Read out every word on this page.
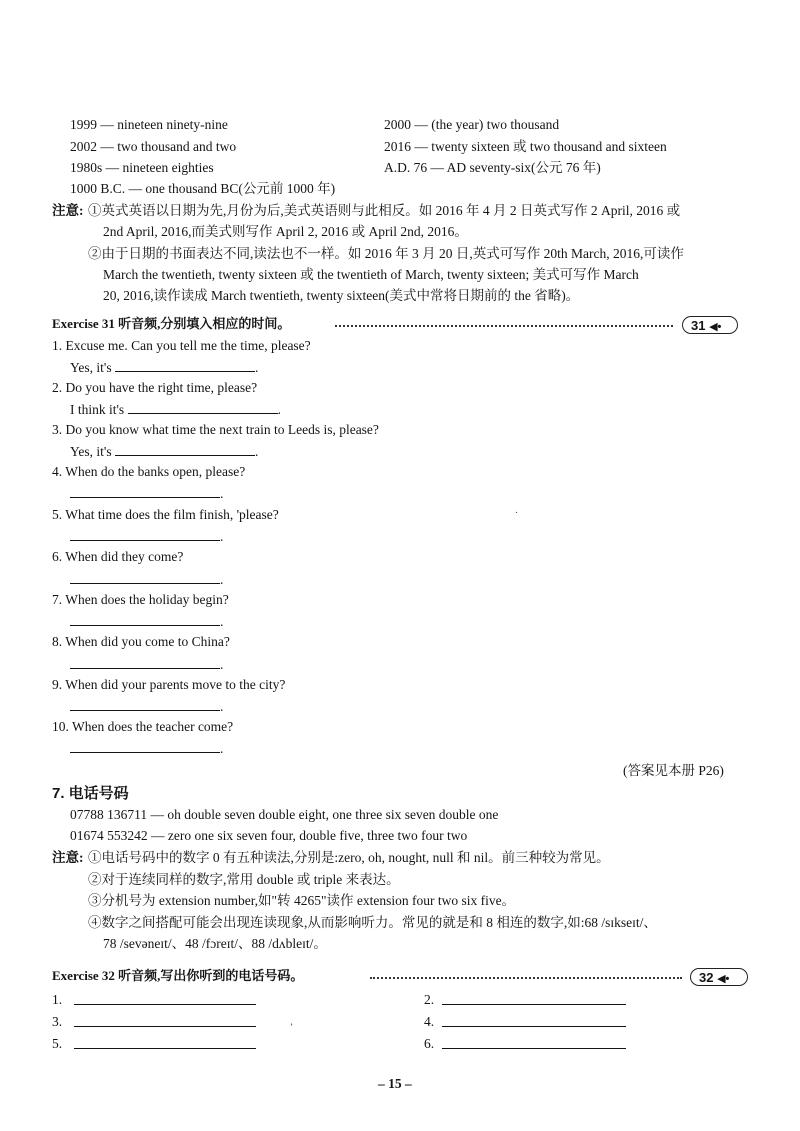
1999 — nineteen ninety-nine	2000 — (the year) two thousand
2002 — two thousand and two	2016 — twenty sixteen 或 two thousand and sixteen
1980s — nineteen eighties	A.D. 76 — AD seventy-six(公元 76 年)
1000 B.C. — one thousand BC(公元前 1000 年)
注意: ①英式英语以日期为先,月份为后,美式英语则与此相反。如 2016 年 4 月 2 日英式写作 2 April, 2016 或
2nd April, 2016,而美式则写作 April 2, 2016 或 April 2nd, 2016。
②由于日期的书面表达不同,读法也不一样。如 2016 年 3 月 20 日,英式可写作 20th March, 2016,可读作
March the twentieth, twenty sixteen 或 the twentieth of March, twenty sixteen; 美式可写作 March
20, 2016,读作读成 March twentieth, twenty sixteen(美式中常将日期前的 the 省略)。
Exercise 31 听音频,分别填入相应的时间。	31 ◀•
1. Excuse me. Can you tell me the time, please?
Yes, it's	.
2. Do you have the right time, please?
I think it's	.
3. Do you know what time the next train to Leeds is, please?
Yes, it's	.
4. When do the banks open, please?
.
5. What time does the film finish, 'please?
.
6. When did they come?
.
7. When does the holiday begin?
.
8. When did you come to China?
.
9. When did your parents move to the city?
.
10. When does the teacher come?
.
(答案见本册 P26)
7. 电话号码
07788 136711 — oh double seven double eight, one three six seven double one
01674 553242 — zero one six seven four, double five, three two four two
注意: ①电话号码中的数字 0 有五种读法,分别是:zero, oh, nought, null 和 nil。前三种较为常见。
②对于连续同样的数字,常用 double 或 triple 来表达。
③分机号为 extension number,如"转 4265"读作 extension four two six five。
④数字之间搭配可能会出现连读现象,从而影响听力。常见的就是和 8 相连的数字,如:68 /sɪkseɪt/、
78 /sevəneɪt/、48 /fɔreɪt/、88 /dʌbleɪt/。
Exercise 32 听音频,写出你听到的电话号码。	32 ◀•
1.	2.
3.	4.
5.	6.
․
’
– 15 –
